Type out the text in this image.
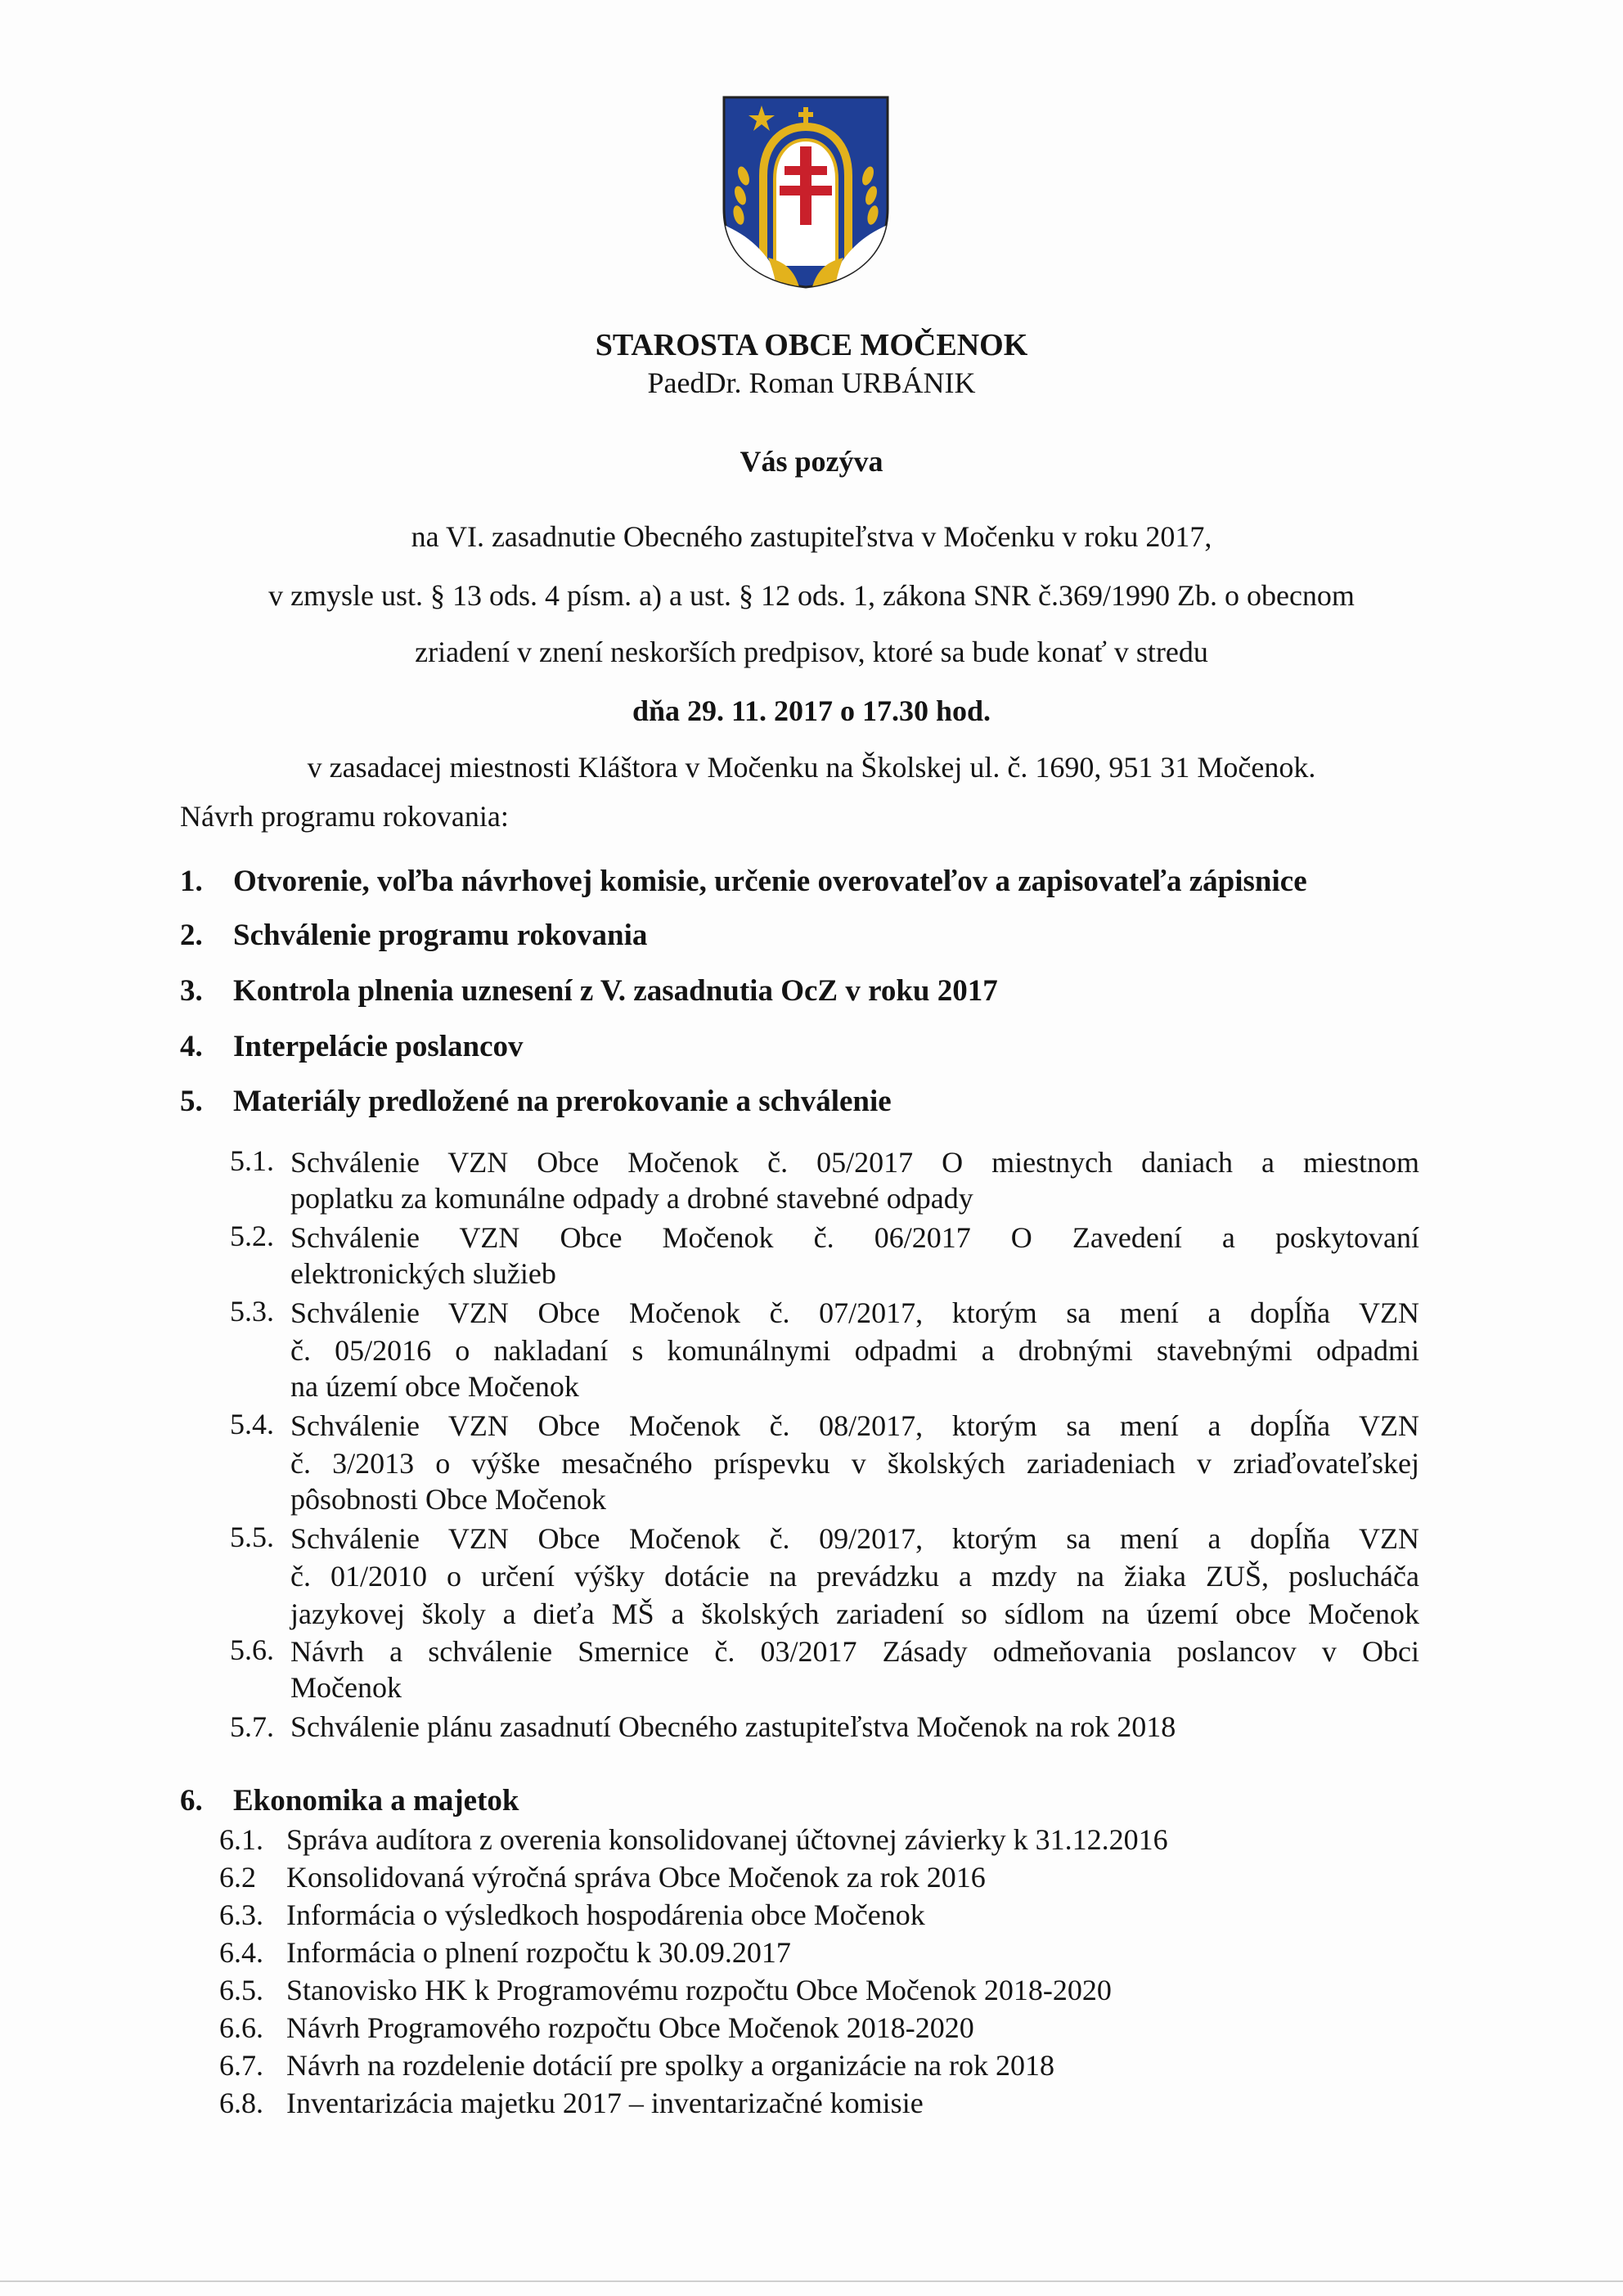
STAROSTA OBCE MOČENOK
PaedDr. Roman URBÁNIK
Vás pozýva
na VI. zasadnutie Obecného zastupiteľstva v Močenku v roku 2017,
v zmysle ust. § 13 ods. 4 písm. a) a ust. § 12 ods. 1, zákona SNR č.369/1990 Zb. o obecnom
zriadení v znení neskorších predpisov, ktoré sa bude konať v stredu
dňa 29. 11. 2017 o 17.30 hod.
v zasadacej miestnosti Kláštora v Močenku na Školskej ul. č. 1690, 951 31 Močenok.
Návrh programu rokovania:
1. Otvorenie, voľba návrhovej komisie, určenie overovateľov a zapisovateľa zápisnice
2. Schválenie programu rokovania
3. Kontrola plnenia uznesení z V. zasadnutia OcZ v roku 2017
4. Interpelácie poslancov
5. Materiály predložené na prerokovanie a schválenie
5.1. Schválenie VZN Obce Močenok č. 05/2017 O miestnych daniach a miestnom
poplatku za komunálne odpady a drobné stavebné odpady
5.2. Schválenie VZN Obce Močenok č. 06/2017 O Zavedení a poskytovaní
elektronických služieb
5.3. Schválenie VZN Obce Močenok č. 07/2017, ktorým sa mení a dopĺňa VZN
č. 05/2016 o nakladaní s komunálnymi odpadmi a drobnými stavebnými odpadmi
na území obce Močenok
5.4. Schválenie VZN Obce Močenok č. 08/2017, ktorým sa mení a dopĺňa VZN
č. 3/2013 o výške mesačného príspevku v školských zariadeniach v zriaďovateľskej
pôsobnosti Obce Močenok
5.5. Schválenie VZN Obce Močenok č. 09/2017, ktorým sa mení a dopĺňa VZN
č. 01/2010 o určení výšky dotácie na prevádzku a mzdy na žiaka ZUŠ, poslucháča
jazykovej školy a dieťa MŠ a školských zariadení so sídlom na území obce Močenok
5.6. Návrh a schválenie Smernice č. 03/2017 Zásady odmeňovania poslancov v Obci
Močenok
5.7. Schválenie plánu zasadnutí Obecného zastupiteľstva Močenok na rok 2018
6. Ekonomika a majetok
6.1. Správa audítora z overenia konsolidovanej účtovnej závierky k 31.12.2016
6.2 Konsolidovaná výročná správa Obce Močenok za rok 2016
6.3. Informácia o výsledkoch hospodárenia obce Močenok
6.4. Informácia o plnení rozpočtu k 30.09.2017
6.5. Stanovisko HK k Programovému rozpočtu Obce Močenok 2018-2020
6.6. Návrh Programového rozpočtu Obce Močenok 2018-2020
6.7. Návrh na rozdelenie dotácií pre spolky a organizácie na rok 2018
6.8. Inventarizácia majetku 2017 – inventarizačné komisie
